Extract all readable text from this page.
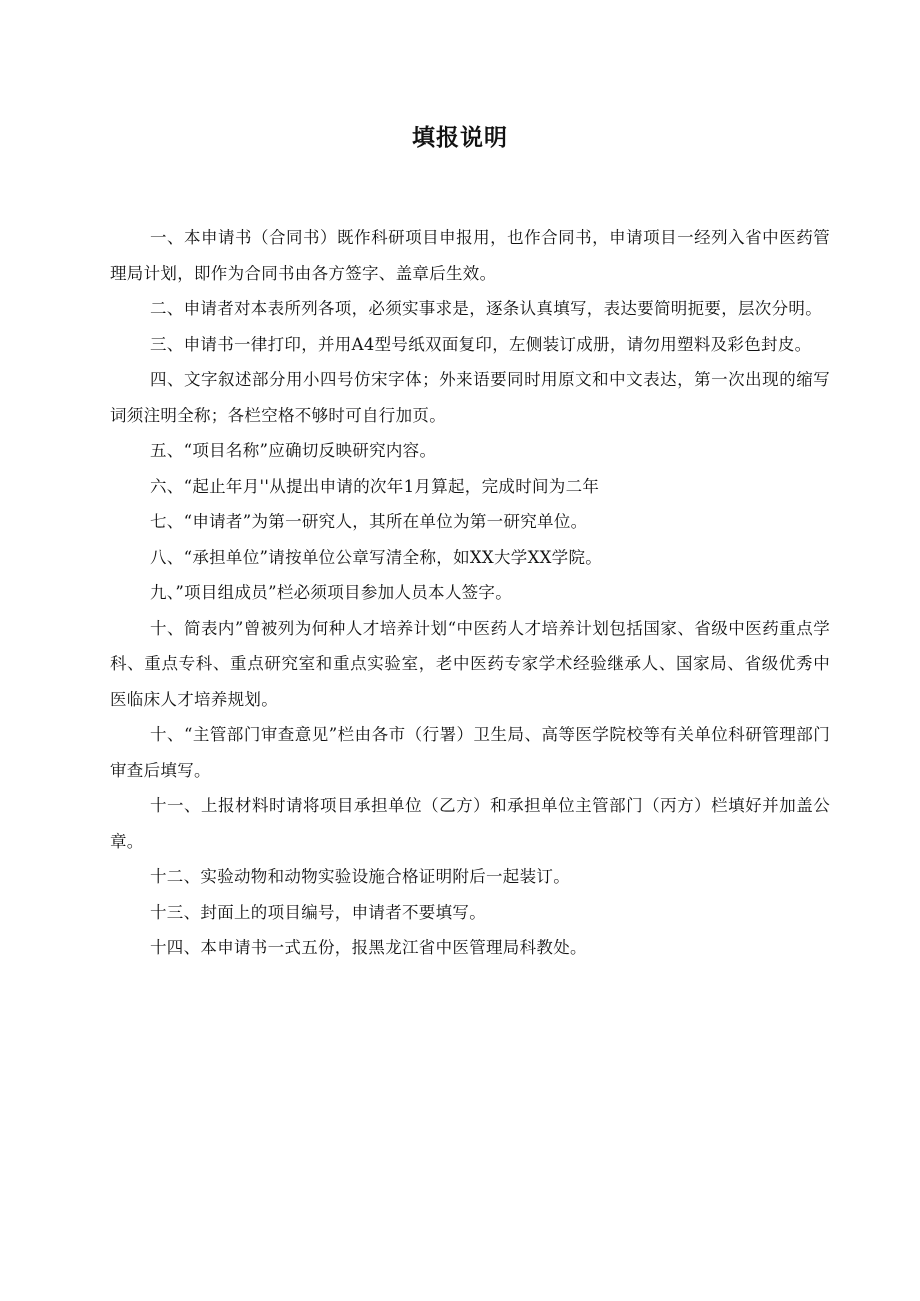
填报说明

一、本申请书（合同书）既作科研项目申报用，也作合同书，申请项目一经列入省中医药管理局计划，即作为合同书由各方签字、盖章后生效。

二、申请者对本表所列各项，必须实事求是，逐条认真填写，表达要简明扼要，层次分明。

三、申请书一律打印，并用A4型号纸双面复印，左侧装订成册，请勿用塑料及彩色封皮。

四、文字叙述部分用小四号仿宋字体；外来语要同时用原文和中文表达，第一次出现的缩写词须注明全称；各栏空格不够时可自行加页。

五、“项目名称”应确切反映研究内容。

六、“起止年月''从提出申请的次年1月算起，完成时间为二年

七、“申请者”为第一研究人，其所在单位为第一研究单位。

八、“承担单位”请按单位公章写清全称，如XX大学XX学院。

九、”项目组成员”栏必须项目参加人员本人签字。

十、简表内”曾被列为何种人才培养计划“中医药人才培养计划包括国家、省级中医药重点学科、重点专科、重点研究室和重点实验室，老中医药专家学术经验继承人、国家局、省级优秀中医临床人才培养规划。

十、“主管部门审查意见”栏由各市（行署）卫生局、高等医学院校等有关单位科研管理部门审查后填写。

十一、上报材料时请将项目承担单位（乙方）和承担单位主管部门（丙方）栏填好并加盖公章。

十二、实验动物和动物实验设施合格证明附后一起装订。

十三、封面上的项目编号，申请者不要填写。

十四、本申请书一式五份，报黑龙江省中医管理局科教处。
